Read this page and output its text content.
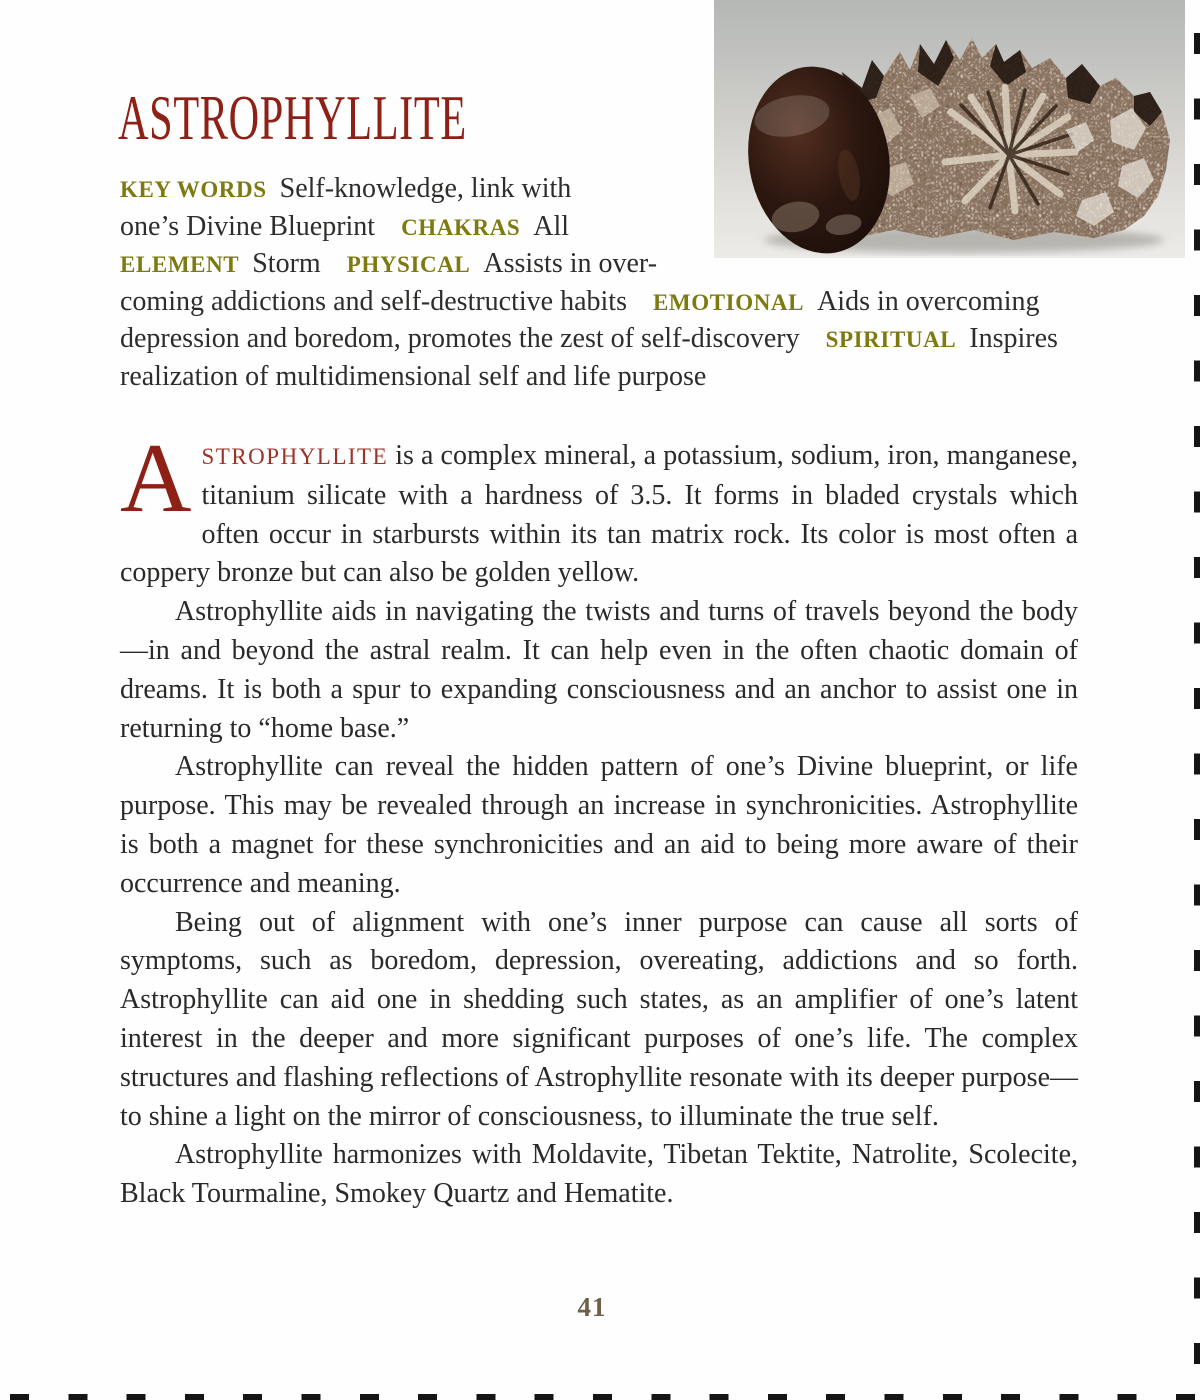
ASTROPHYLLITE
KEY WORDS Self-knowledge, link with
one’s Divine Blueprint CHAKRAS All
ELEMENT Storm PHYSICAL Assists in over-
coming addictions and self-destructive habits EMOTIONAL Aids in overcoming
depression and boredom, promotes the zest of self-discovery SPIRITUAL Inspires
realization of multidimensional self and life purpose

ASTROPHYLLITE is a complex mineral, a potassium, sodium, iron, manganese, titanium silicate with a hardness of 3.5. It forms in bladed crystals which often occur in starbursts within its tan matrix rock. Its color is most often a coppery bronze but can also be golden yellow.

Astrophyllite aids in navigating the twists and turns of travels beyond the body—in and beyond the astral realm. It can help even in the often chaotic domain of dreams. It is both a spur to expanding consciousness and an anchor to assist one in returning to “home base.”

Astrophyllite can reveal the hidden pattern of one’s Divine blueprint, or life purpose. This may be revealed through an increase in synchronicities. Astrophyllite is both a magnet for these synchronicities and an aid to being more aware of their occurrence and meaning.

Being out of alignment with one’s inner purpose can cause all sorts of symptoms, such as boredom, depression, overeating, addictions and so forth. Astrophyllite can aid one in shedding such states, as an amplifier of one’s latent interest in the deeper and more significant purposes of one’s life. The complex structures and flashing reflections of Astrophyllite resonate with its deeper purpose—to shine a light on the mirror of consciousness, to illuminate the true self.

Astrophyllite harmonizes with Moldavite, Tibetan Tektite, Natrolite, Scolecite, Black Tourmaline, Smokey Quartz and Hematite.

41
